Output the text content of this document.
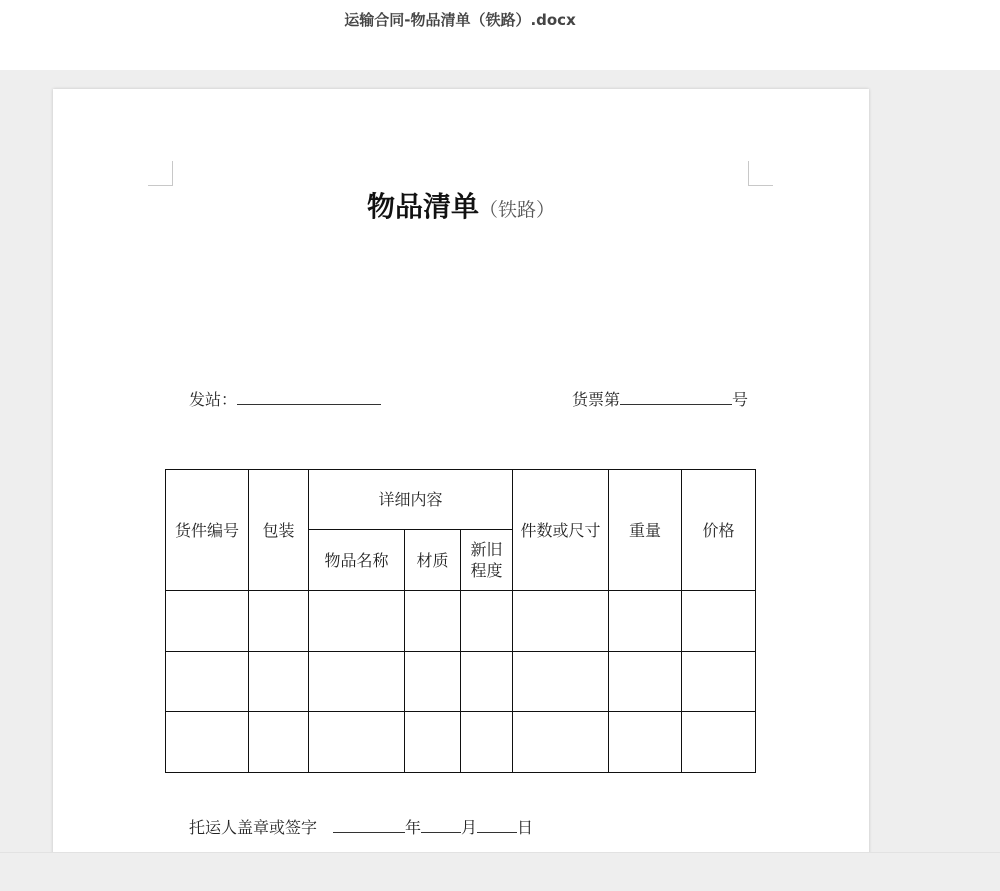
运输合同-物品清单（铁路）.docx
物品清单（铁路）
发站：	货票第	号
货件编号	包装	详细内容			件数或尺寸	重量	价格
		物品名称	材质	新旧
程度			

托运人盖章或签字	年	月	日
